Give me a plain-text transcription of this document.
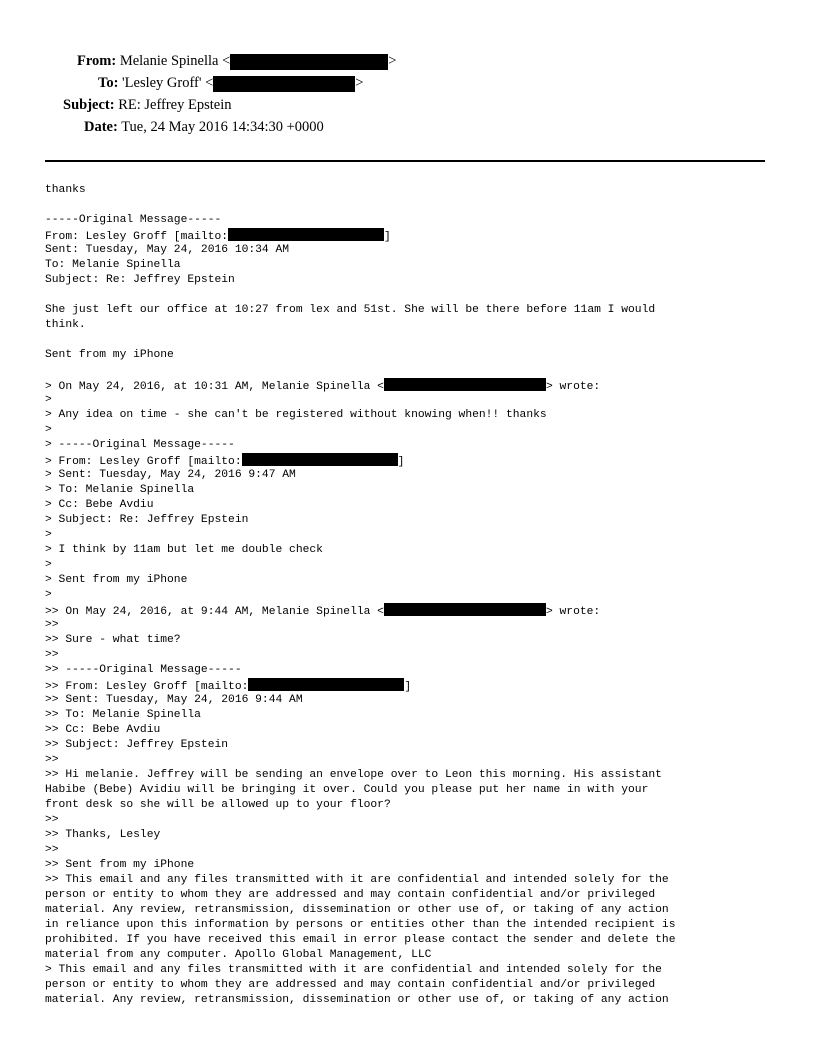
From: Melanie Spinella <	>
To: 'Lesley Groff' <	>
Subject: RE: Jeffrey Epstein
Date: Tue, 24 May 2016 14:34:30 +0000
thanks
-----Original Message-----
From: Lesley Groff [mailto:	]
Sent: Tuesday, May 24, 2016 10:34 AM
To: Melanie Spinella
Subject: Re: Jeffrey Epstein
She just left our office at 10:27 from lex and 51st. She will be there before 11am I would
think.
Sent from my iPhone
> On May 24, 2016, at 10:31 AM, Melanie Spinella <	> wrote:
>
> Any idea on time - she can't be registered without knowing when!! thanks
>
> -----Original Message-----
> From: Lesley Groff [mailto:	]
> Sent: Tuesday, May 24, 2016 9:47 AM
> To: Melanie Spinella
> Cc: Bebe Avdiu
> Subject: Re: Jeffrey Epstein
>
> I think by 11am but let me double check
>
> Sent from my iPhone
>
>> On May 24, 2016, at 9:44 AM, Melanie Spinella <	> wrote:
>>
>> Sure - what time?
>>
>> -----Original Message-----
>> From: Lesley Groff [mailto:	]
>> Sent: Tuesday, May 24, 2016 9:44 AM
>> To: Melanie Spinella
>> Cc: Bebe Avdiu
>> Subject: Jeffrey Epstein
>>
>> Hi melanie. Jeffrey will be sending an envelope over to Leon this morning. His assistant
Habibe (Bebe) Avidiu will be bringing it over. Could you please put her name in with your
front desk so she will be allowed up to your floor?
>>
>> Thanks, Lesley
>>
>> Sent from my iPhone
>> This email and any files transmitted with it are confidential and intended solely for the
person or entity to whom they are addressed and may contain confidential and/or privileged
material. Any review, retransmission, dissemination or other use of, or taking of any action
in reliance upon this information by persons or entities other than the intended recipient is
prohibited. If you have received this email in error please contact the sender and delete the
material from any computer. Apollo Global Management, LLC
> This email and any files transmitted with it are confidential and intended solely for the
person or entity to whom they are addressed and may contain confidential and/or privileged
material. Any review, retransmission, dissemination or other use of, or taking of any action
